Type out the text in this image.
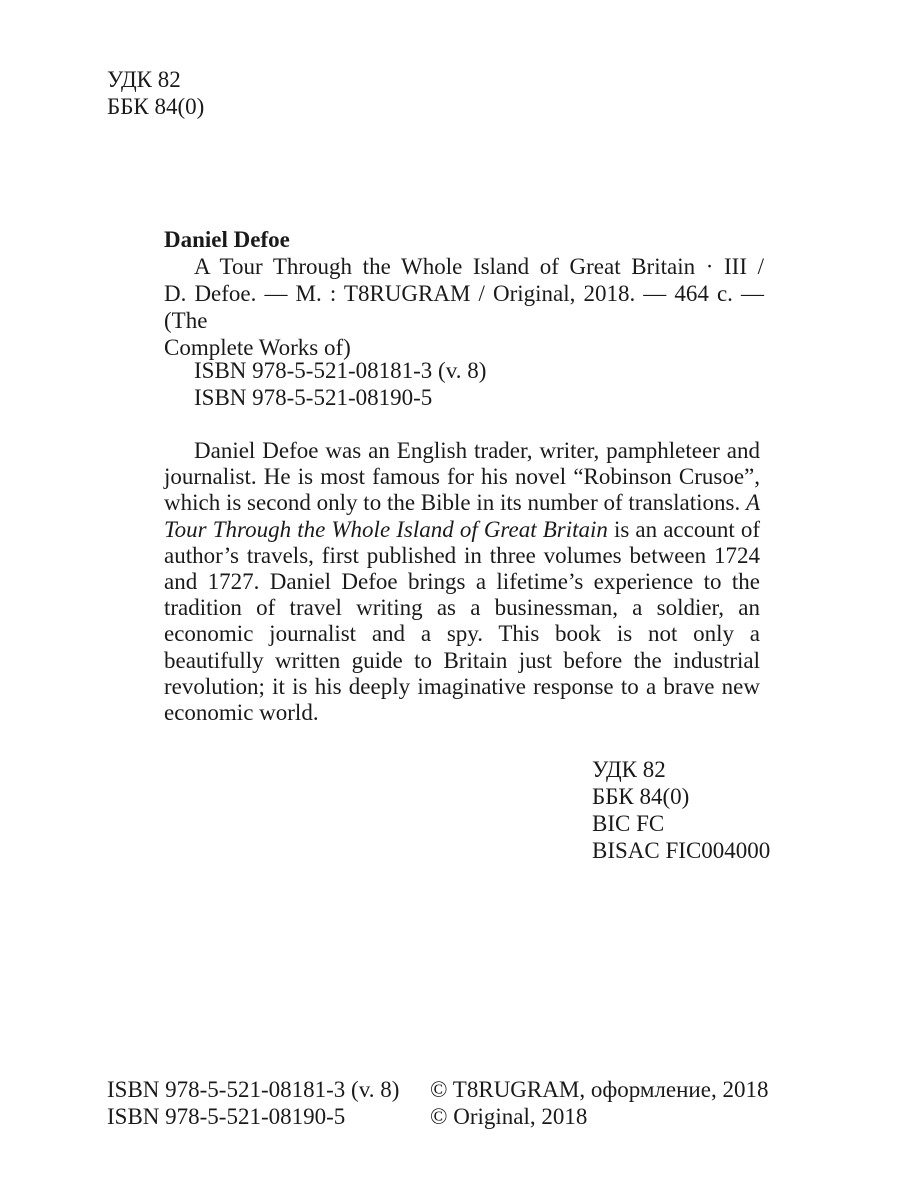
УДК 82
ББК 84(0)
Daniel Defoe
A Tour Through the Whole Island of Great Britain · III /
D. Defoe. — M. : T8RUGRAM / Original, 2018. — 464 c. — (The
Complete Works of)
ISBN 978-5-521-08181-3 (v. 8)
ISBN 978-5-521-08190-5

Daniel Defoe was an English trader, writer, pamphleteer and journalist. He is most famous for his novel “Robinson Crusoe”, which is second only to the Bible in its number of translations. A Tour Through the Whole Island of Great Britain is an account of author’s travels, first published in three volumes between 1724 and 1727. Daniel Defoe brings a lifetime’s experience to the tradition of travel writing as a businessman, a soldier, an economic journalist and a spy. This book is not only a beautifully written guide to Britain just before the industrial revolution; it is his deeply imaginative response to a brave new economic world.

УДК 82
ББК 84(0)
BIC FC
BISAC FIC004000
ISBN 978-5-521-08181-3 (v. 8)
ISBN 978-5-521-08190-5
© T8RUGRAM, оформление, 2018
© Original, 2018
